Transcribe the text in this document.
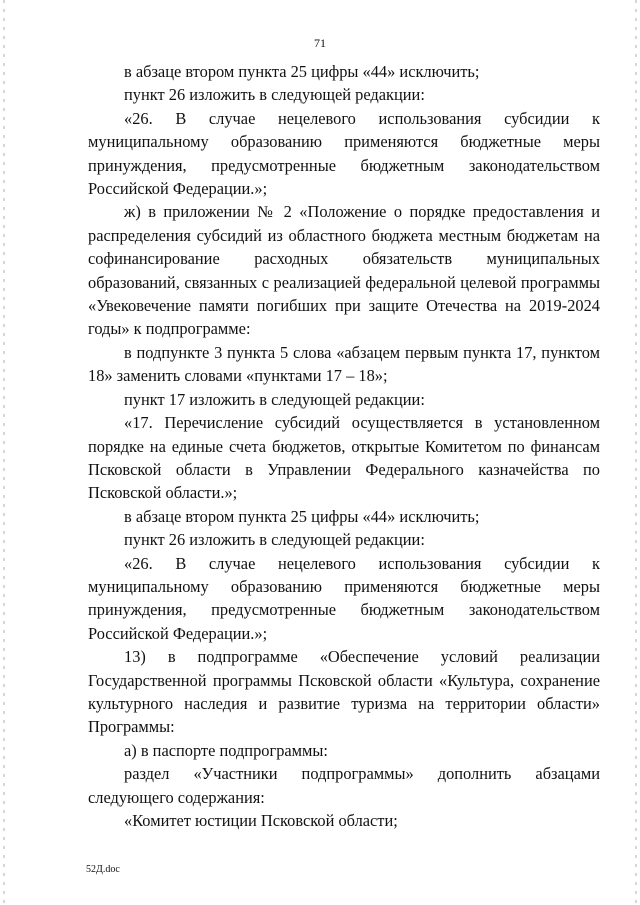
71

в абзаце втором пункта 25 цифры «44» исключить;

пункт 26 изложить в следующей редакции:

«26. В случае нецелевого использования субсидии к муниципальному образованию применяются бюджетные меры принуждения, предусмотренные бюджетным законодательством Российской Федерации.»;

ж) в приложении № 2 «Положение о порядке предоставления и распределения субсидий из областного бюджета местным бюджетам на софинансирование расходных обязательств муниципальных образований, связанных с реализацией федеральной целевой программы «Увековечение памяти погибших при защите Отечества на 2019-2024 годы» к подпрограмме:

в подпункте 3 пункта 5 слова «абзацем первым пункта 17, пунктом 18» заменить словами «пунктами 17 – 18»;

пункт 17 изложить в следующей редакции:

«17. Перечисление субсидий осуществляется в установленном порядке на единые счета бюджетов, открытые Комитетом по финансам Псковской области в Управлении Федерального казначейства по Псковской области.»;

в абзаце втором пункта 25 цифры «44» исключить;

пункт 26 изложить в следующей редакции:

«26. В случае нецелевого использования субсидии к муниципальному образованию применяются бюджетные меры принуждения, предусмотренные бюджетным законодательством Российской Федерации.»;

13) в подпрограмме «Обеспечение условий реализации Государственной программы Псковской области «Культура, сохранение культурного наследия и развитие туризма на территории области» Программы:

а) в паспорте подпрограммы:

раздел «Участники подпрограммы» дополнить абзацами следующего содержания:

«Комитет юстиции Псковской области;

52Д.doc
